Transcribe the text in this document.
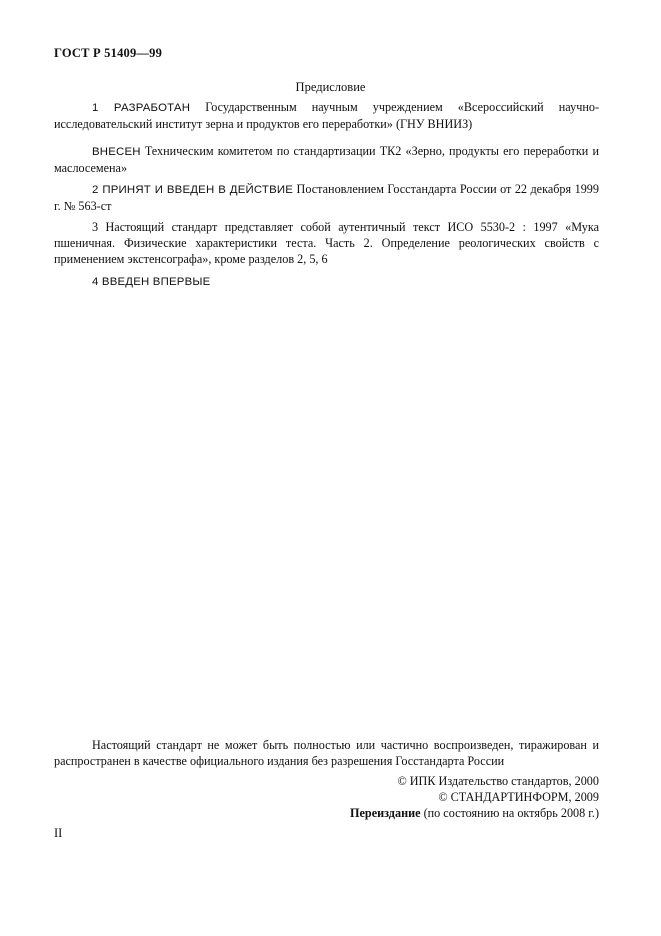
ГОСТ Р 51409—99
Предисловие

1 РАЗРАБОТАН Государственным научным учреждением «Всероссийский научно-исследовательский институт зерна и продуктов его переработки» (ГНУ ВНИИЗ)

ВНЕСЕН Техническим комитетом по стандартизации ТК2 «Зерно, продукты его переработки и маслосемена»

2 ПРИНЯТ И ВВЕДЕН В ДЕЙСТВИЕ Постановлением Госстандарта России от 22 декабря 1999 г. № 563-ст

3 Настоящий стандарт представляет собой аутентичный текст ИСО 5530-2 : 1997 «Мука пшеничная. Физические характеристики теста. Часть 2. Определение реологических свойств с применением экстенсографа», кроме разделов 2, 5, 6

4 ВВЕДЕН ВПЕРВЫЕ

Настоящий стандарт не может быть полностью или частично воспроизведен, тиражирован и распространен в качестве официального издания без разрешения Госстандарта России

© ИПК Издательство стандартов, 2000
© СТАНДАРТИНФОРМ, 2009
Переиздание (по состоянию на октябрь 2008 г.)
II
